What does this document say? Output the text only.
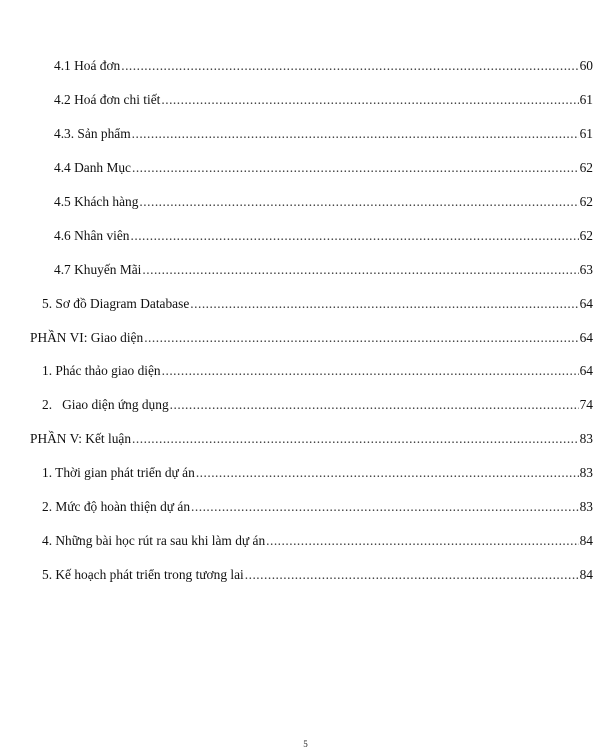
4.1 Hoá đơn .....	60
4.2 Hoá đơn chi tiết .....	61
4.3. Sản phẩm .....	61
4.4 Danh Mục .....	62
4.5 Khách hàng .....	62
4.6 Nhân viên .....	62
4.7 Khuyến Mãi .....	63
5. Sơ đồ Diagram Database .....	64
PHẦN VI: Giao diện .....	64
1. Phác thảo giao diện .....	64
2.   Giao diện ứng dụng .....	74
PHẦN V: Kết luận .....	83
1. Thời gian phát triển dự án .....	83
2. Mức độ hoàn thiện dự án .....	83
4. Những bài học rút ra sau khi làm dự án .....	84
5. Kế hoạch phát triển trong tương lai .....	84
5
